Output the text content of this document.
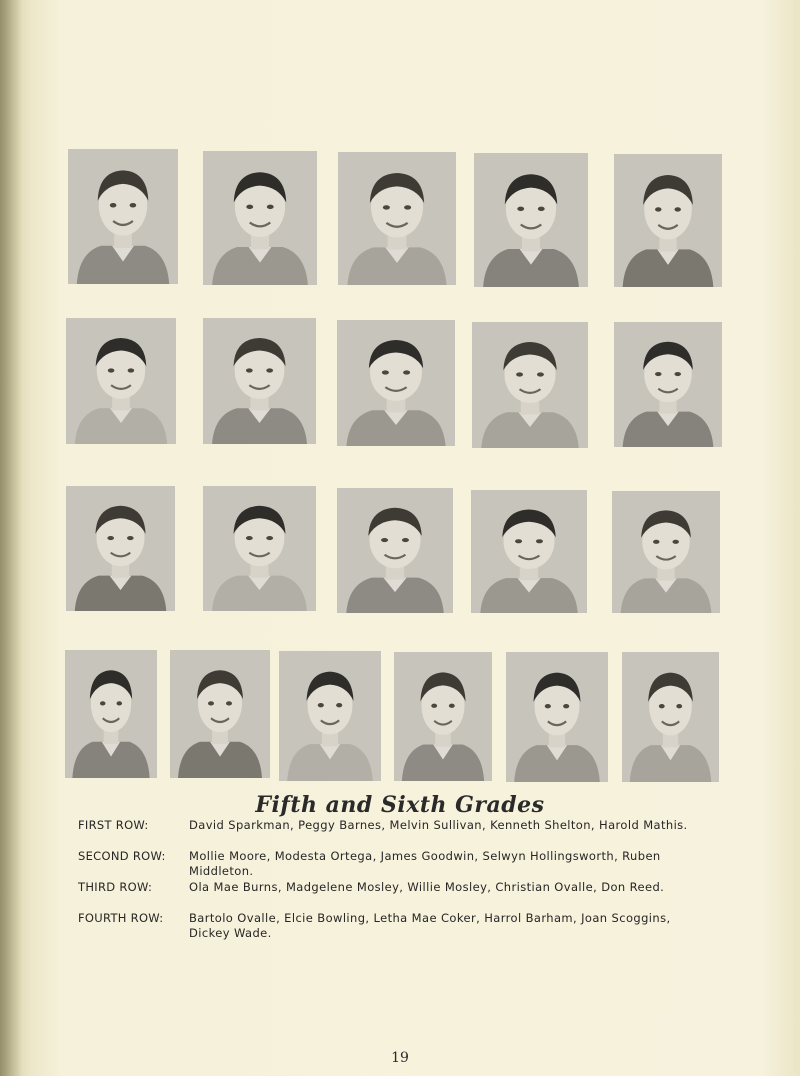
Fifth and Sixth Grades
FIRST ROW:	David Sparkman, Peggy Barnes, Melvin Sullivan, Kenneth Shelton, Harold Mathis.
SECOND ROW:	Mollie Moore, Modesta Ortega, James Goodwin, Selwyn Hollingsworth, Ruben Middleton.
THIRD ROW:	Ola Mae Burns, Madgelene Mosley, Willie Mosley, Christian Ovalle, Don Reed.
FOURTH ROW:	Bartolo Ovalle, Elcie Bowling, Letha Mae Coker, Harrol Barham, Joan Scoggins, Dickey Wade.
19
